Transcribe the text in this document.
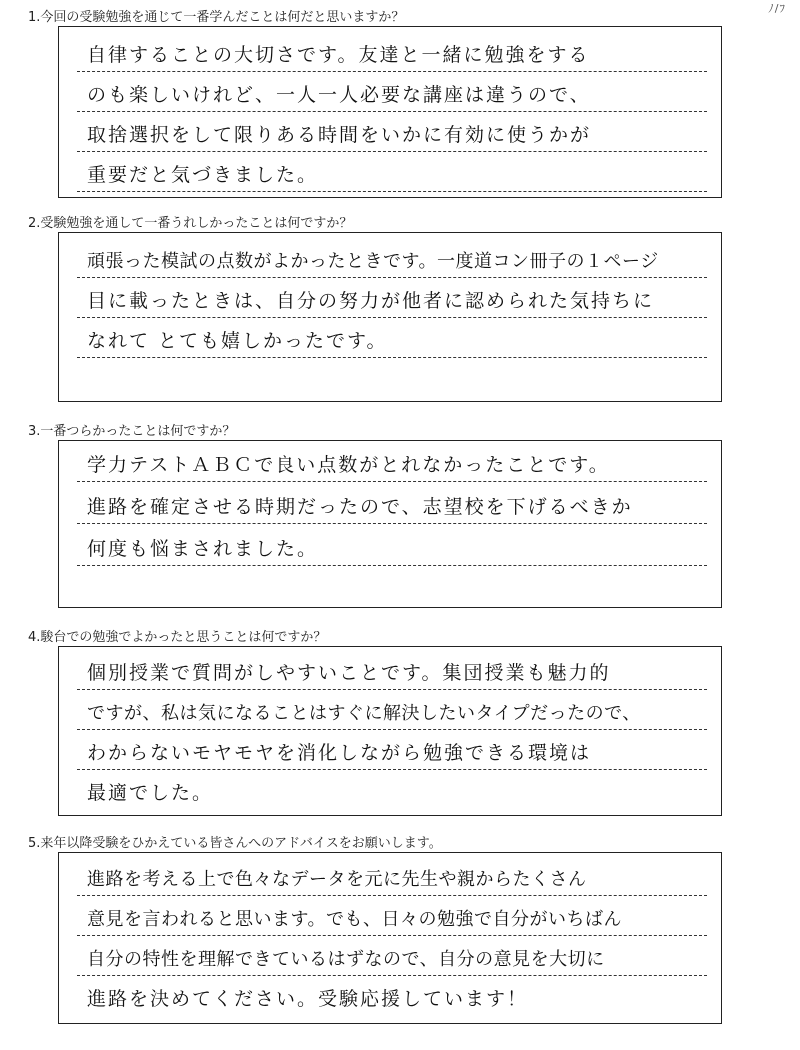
ﾉ/ﾌ
1.今回の受験勉強を通じて一番学んだことは何だと思いますか？
自律することの大切さです。友達と一緒に勉強をする
のも楽しいけれど、一人一人必要な講座は違うので、
取捨選択をして限りある時間をいかに有効に使うかが
重要だと気づきました。
2.受験勉強を通して一番うれしかったことは何ですか？
頑張った模試の点数がよかったときです。一度道コン冊子の１ページ
目に載ったときは、自分の努力が他者に認められた気持ちに
なれて とても嬉しかったです。
3.一番つらかったことは何ですか？
学力テストＡＢＣで良い点数がとれなかったことです。
進路を確定させる時期だったので、志望校を下げるべきか
何度も悩まされました。
4.駿台での勉強でよかったと思うことは何ですか？
個別授業で質問がしやすいことです。集団授業も魅力的
ですが、私は気になることはすぐに解決したいタイプだったので、
わからないモヤモヤを消化しながら勉強できる環境は
最適でした。
5.来年以降受験をひかえている皆さんへのアドバイスをお願いします。
進路を考える上で色々なデータを元に先生や親からたくさん
意見を言われると思います。でも、日々の勉強で自分がいちばん
自分の特性を理解できているはずなので、自分の意見を大切に
進路を決めてください。受験応援しています！
